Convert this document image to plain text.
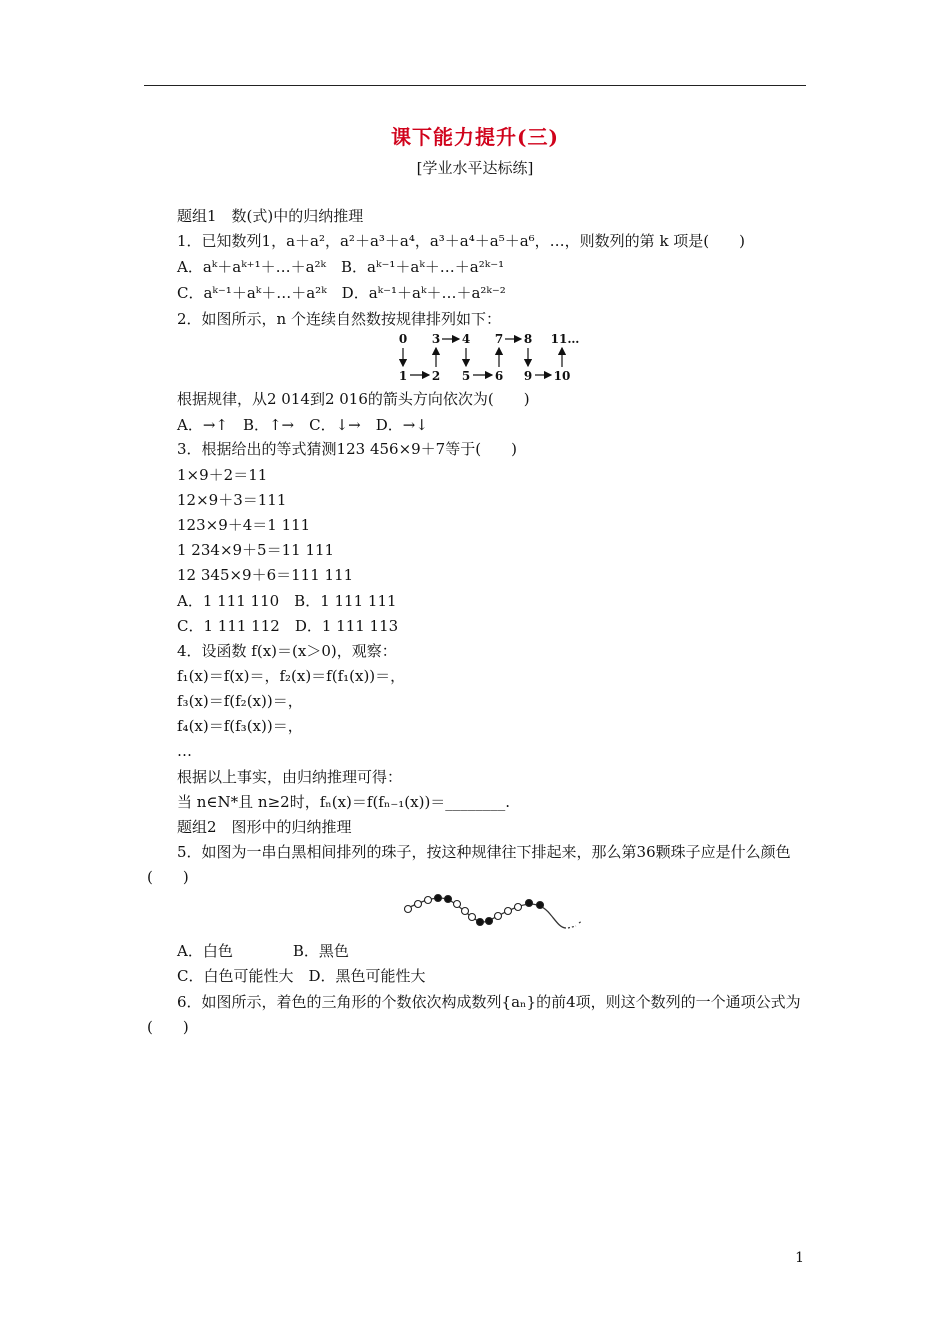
课下能力提升(三)
[学业水平达标练]
题组1　数(式)中的归纳推理
1．已知数列1，a＋a²，a²＋a³＋a⁴，a³＋a⁴＋a⁵＋a⁶，…，则数列的第 k 项是(　　)
A．aᵏ＋aᵏ⁺¹＋…＋a²ᵏ　B．aᵏ⁻¹＋aᵏ＋…＋a²ᵏ⁻¹
C．aᵏ⁻¹＋aᵏ＋…＋a²ᵏ　D．aᵏ⁻¹＋aᵏ＋…＋a²ᵏ⁻²
2．如图所示，n 个连续自然数按规律排列如下：
0 3 4 7 8 11…
1 2 5 6 9 10
根据规律，从2 014到2 016的箭头方向依次为(　　)
A．→↑　B．↑→　C．↓→　D．→↓
3．根据给出的等式猜测123 456×9＋7等于(　　)
1×9＋2＝11
12×9＋3＝111
123×9＋4＝1 111
1 234×9＋5＝11 111
12 345×9＋6＝111 111
A．1 111 110　B．1 111 111
C．1 111 112　D．1 111 113
4．设函数 f(x)＝(x＞0)，观察：
f₁(x)＝f(x)＝，f₂(x)＝f(f₁(x))＝，
f₃(x)＝f(f₂(x))＝，
f₄(x)＝f(f₃(x))＝，
…
根据以上事实，由归纳推理可得：
当 n∈N*且 n≥2时，fₙ(x)＝f(fₙ₋₁(x))＝________.
题组2　图形中的归纳推理
5．如图为一串白黑相间排列的珠子，按这种规律往下排起来，那么第36颗珠子应是什么颜色(　　)
A．白色　　　　B．黑色
C．白色可能性大　D．黑色可能性大
6．如图所示，着色的三角形的个数依次构成数列{aₙ}的前4项，则这个数列的一个通项公式为(　　)
1
